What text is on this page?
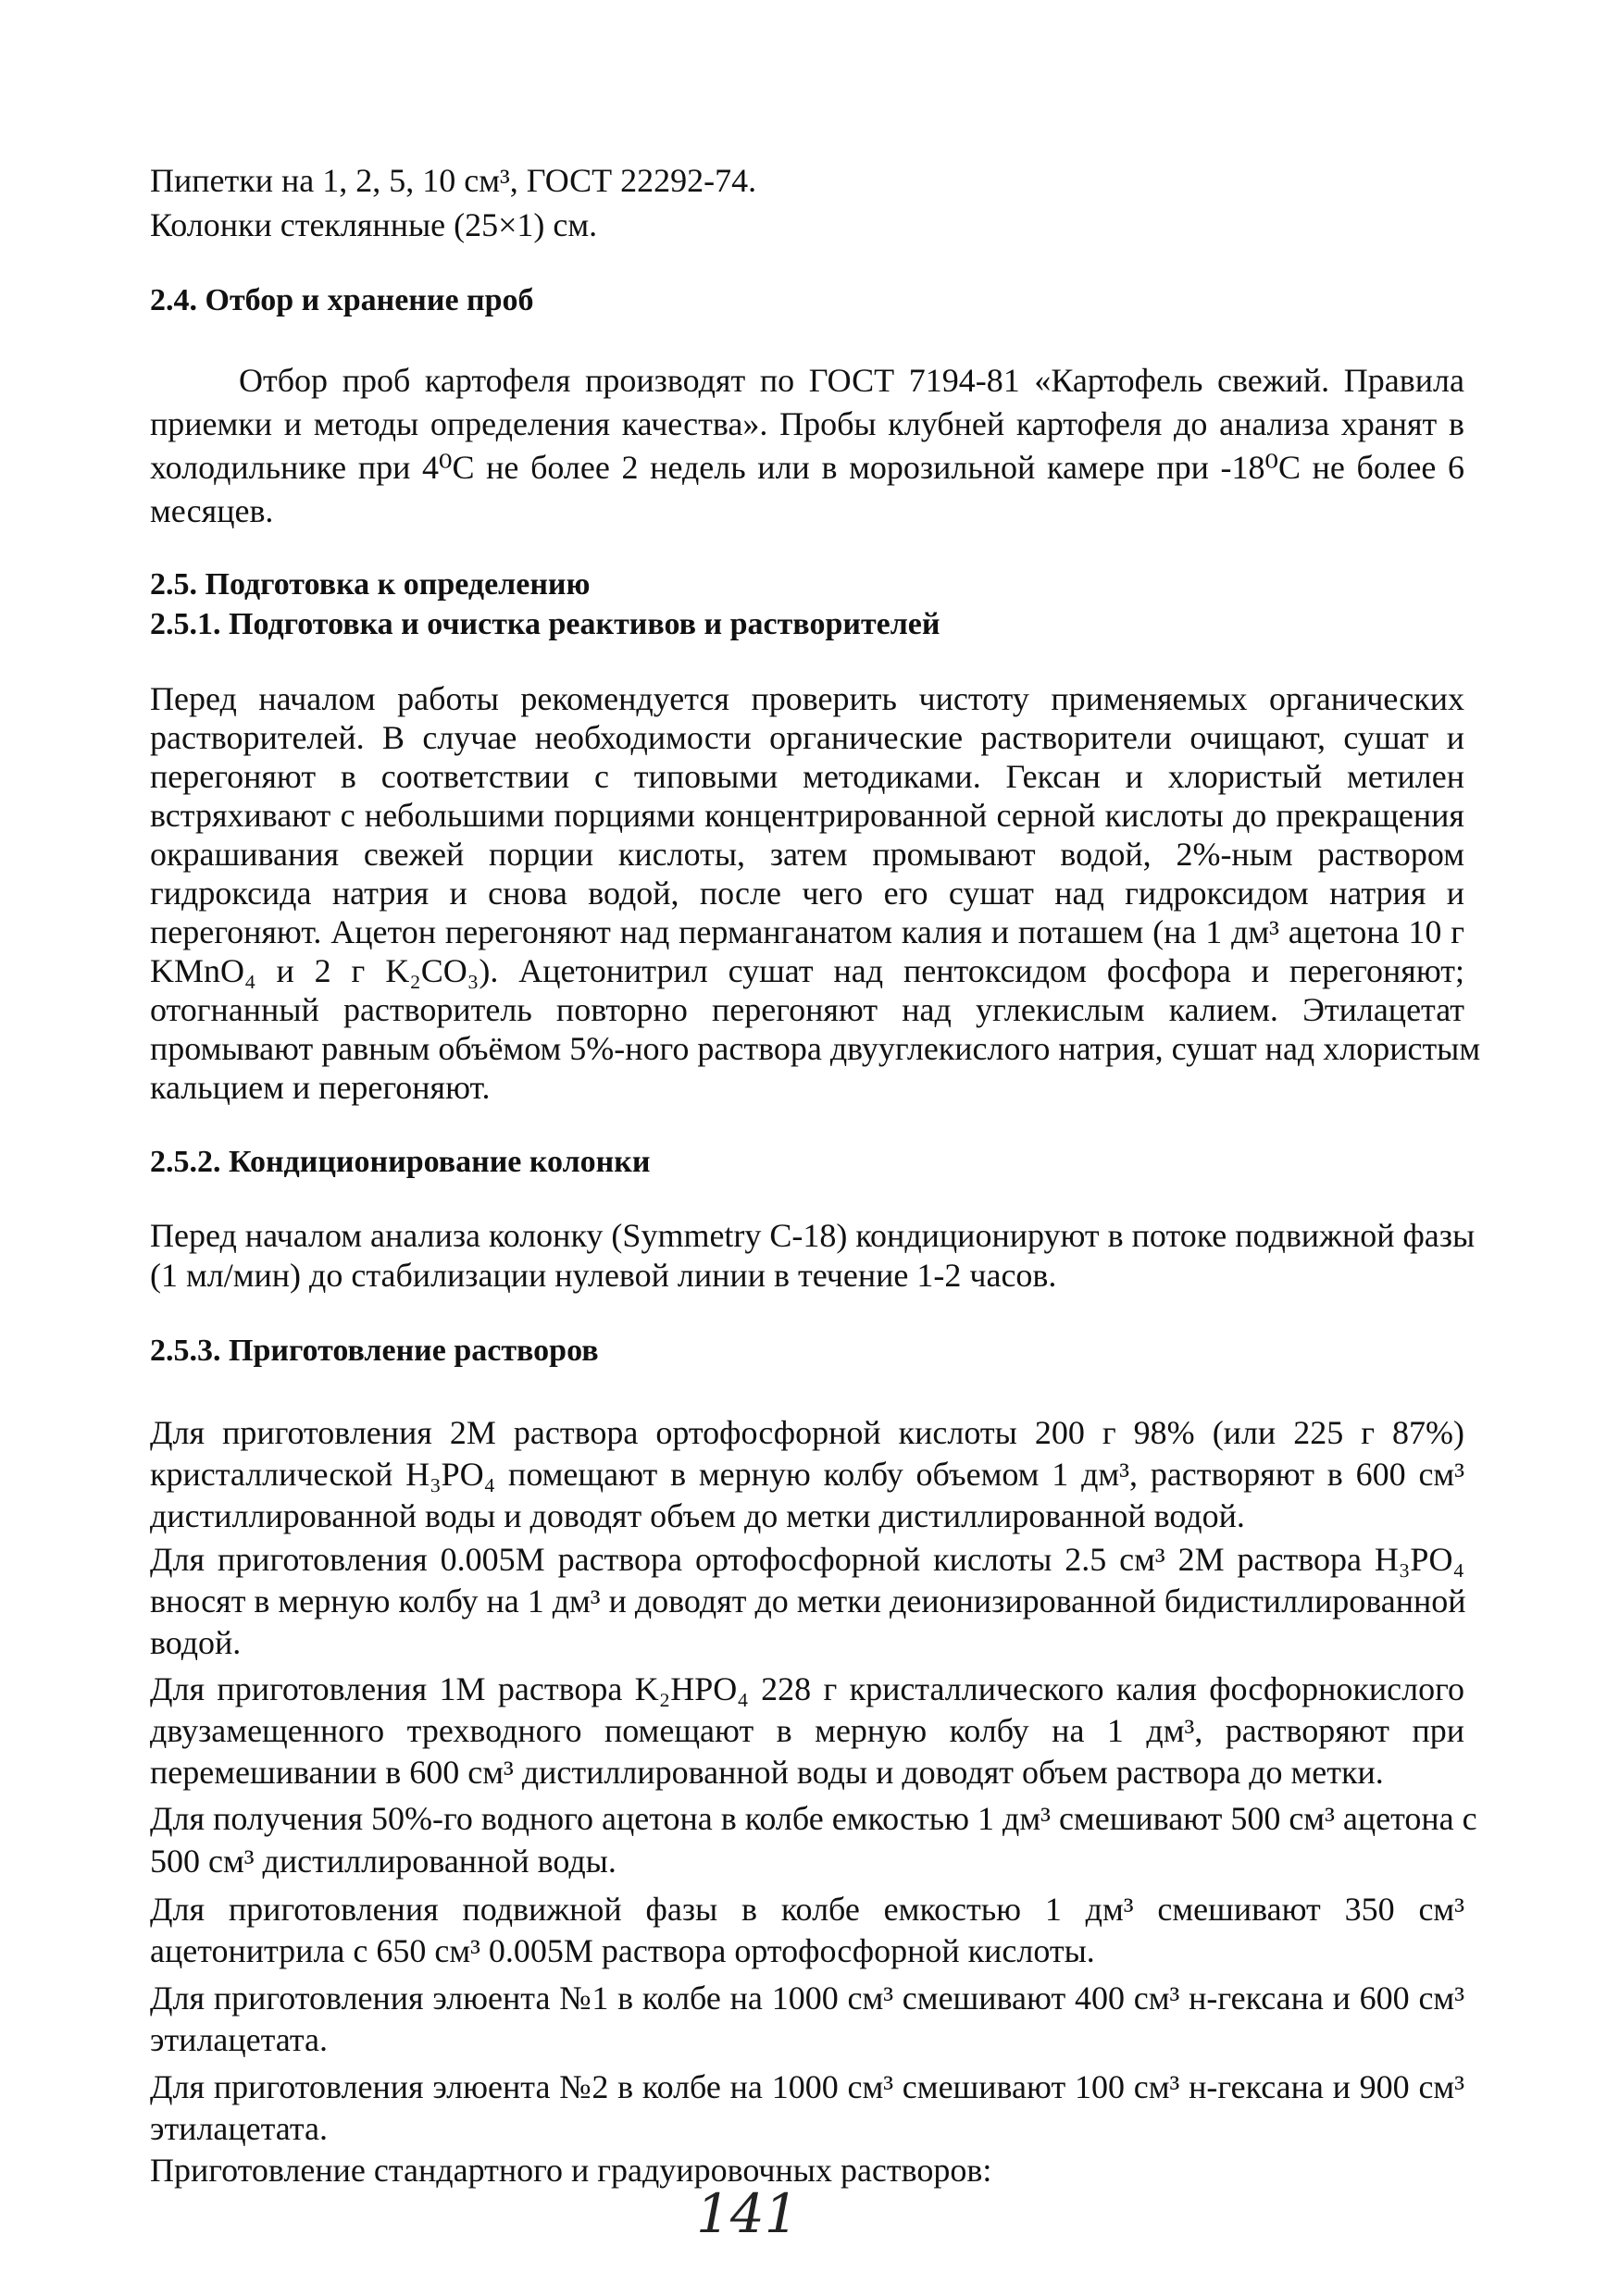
Пипетки на 1, 2, 5, 10 см³, ГОСТ 22292-74.
Колонки стеклянные (25×1) см.
2.4. Отбор и хранение проб
Отбор проб картофеля производят по ГОСТ 7194-81 «Картофель свежий. Правила
приемки и методы определения качества». Пробы клубней картофеля до анализа хранят в
холодильнике при 4⁰С не более 2 недель или в морозильной камере при -18⁰С не более 6
месяцев.
2.5. Подготовка к определению
2.5.1. Подготовка и очистка реактивов и растворителей
Перед началом работы рекомендуется проверить чистоту применяемых органических
растворителей. В случае необходимости органические растворители очищают, сушат и
перегоняют в соответствии с типовыми методиками. Гексан и хлористый метилен
встряхивают с небольшими порциями концентрированной серной кислоты до прекращения
окрашивания свежей порции кислоты, затем промывают водой, 2%-ным раствором
гидроксида натрия и снова водой, после чего его сушат над гидроксидом натрия и
перегоняют. Ацетон перегоняют над перманганатом калия и поташем (на 1 дм³ ацетона 10 г
KMnO₄ и 2 г K₂CO₃). Ацетонитрил сушат над пентоксидом фосфора и перегоняют;
отогнанный растворитель повторно перегоняют над углекислым калием. Этилацетат
промывают равным объёмом 5%-ного раствора двууглекислого натрия, сушат над хлористым
кальцием и перегоняют.
2.5.2. Кондиционирование колонки
Перед началом анализа колонку (Symmetry С-18) кондиционируют в потоке подвижной фазы
(1 мл/мин) до стабилизации нулевой линии в течение 1-2 часов.
2.5.3. Приготовление растворов
Для приготовления 2М раствора ортофосфорной кислоты 200 г 98% (или 225 г 87%)
кристаллической H₃PO₄ помещают в мерную колбу объемом 1 дм³, растворяют в 600 см³
дистиллированной воды и доводят объем до метки дистиллированной водой.
Для приготовления 0.005М раствора ортофосфорной кислоты 2.5 см³ 2М раствора H₃PO₄
вносят в мерную колбу на 1 дм³ и доводят до метки деионизированной бидистиллированной
водой.
Для приготовления 1М раствора K₂HPO₄ 228 г кристаллического калия фосфорнокислого
двузамещенного трехводного помещают в мерную колбу на 1 дм³, растворяют при
перемешивании в 600 см³ дистиллированной воды и доводят объем раствора до метки.
Для получения 50%-го водного ацетона в колбе емкостью 1 дм³ смешивают 500 см³ ацетона с
500 см³ дистиллированной воды.
Для приготовления подвижной фазы в колбе емкостью 1 дм³ смешивают 350 см³
ацетонитрила с 650 см³ 0.005М раствора ортофосфорной кислоты.
Для приготовления элюента №1 в колбе на 1000 см³ смешивают 400 см³ н-гексана и 600 см³
этилацетата.
Для приготовления элюента №2 в колбе на 1000 см³ смешивают 100 см³ н-гексана и 900 см³
этилацетата.
Приготовление стандартного и градуировочных растворов:
141
